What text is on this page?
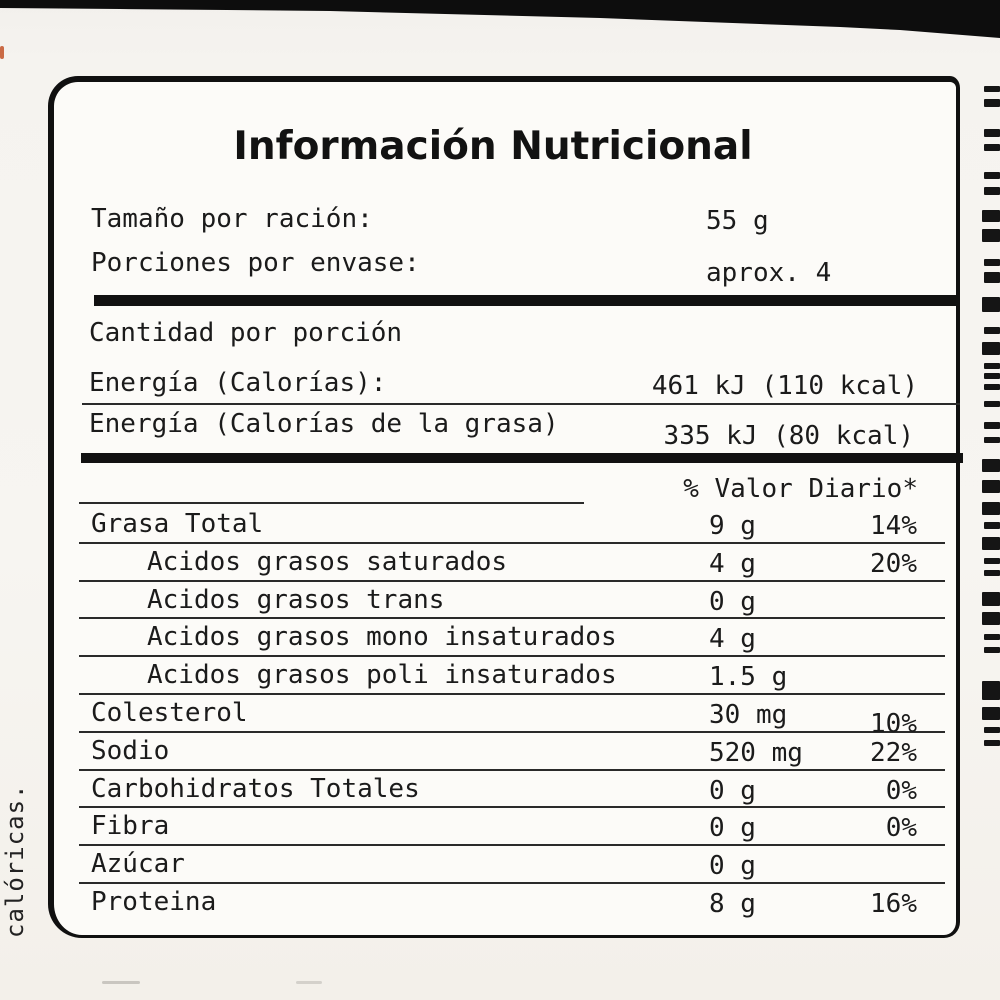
calóricas.
Información Nutricional
Tamaño por ración:	55 g
Porciones por envase:	aprox. 4
Cantidad por porción
Energía (Calorías):	461 kJ (110 kcal)
Energía (Calorías de la grasa)	335 kJ (80 kcal)
% Valor Diario*
Grasa Total	9 g	14%
Acidos grasos saturados	4 g	20%
Acidos grasos trans	0 g
Acidos grasos mono insaturados	4 g
Acidos grasos poli insaturados	1.5 g
Colesterol	30 mg	10%
Sodio	520 mg	22%
Carbohidratos Totales	0 g	0%
Fibra	0 g	0%
Azúcar	0 g
Proteina	8 g	16%
